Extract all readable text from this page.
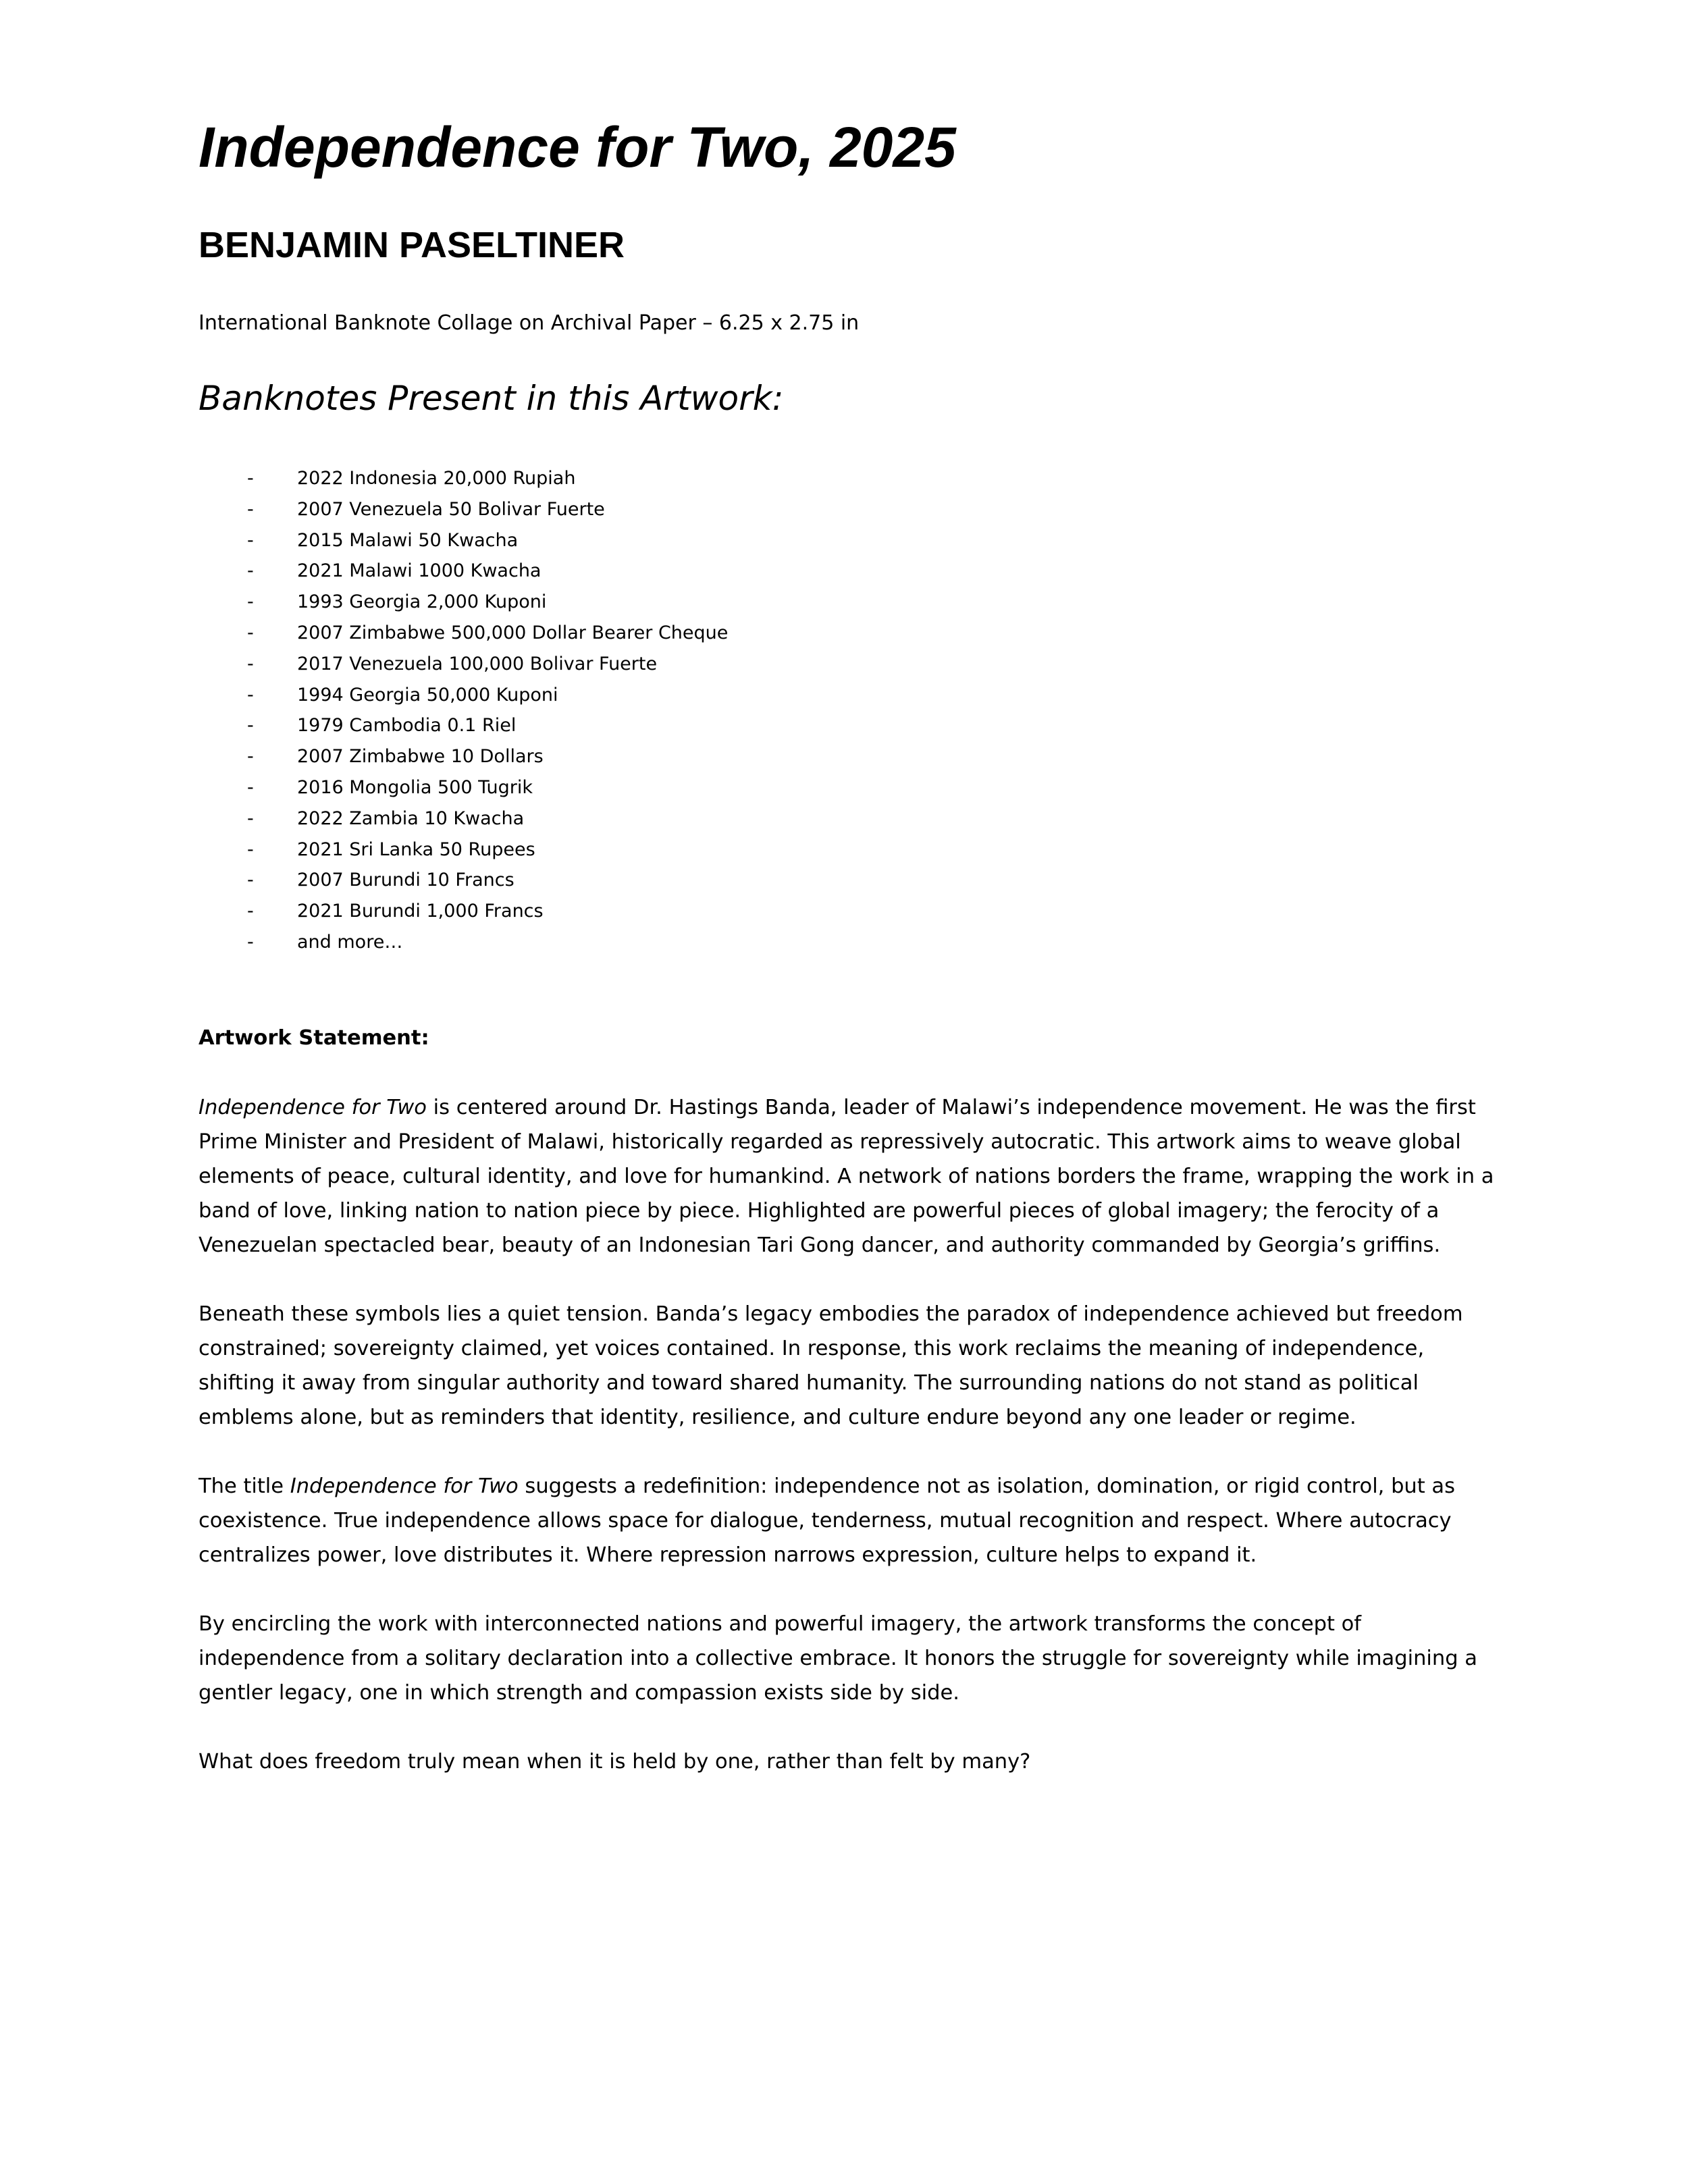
Independence for Two, 2025
BENJAMIN PASELTINER
International Banknote Collage on Archival Paper – 6.25 x 2.75 in
Banknotes Present in this Artwork:
- 2022 Indonesia 20,000 Rupiah
- 2007 Venezuela 50 Bolivar Fuerte
- 2015 Malawi 50 Kwacha
- 2021 Malawi 1000 Kwacha
- 1993 Georgia 2,000 Kuponi
- 2007 Zimbabwe 500,000 Dollar Bearer Cheque
- 2017 Venezuela 100,000 Bolivar Fuerte
- 1994 Georgia 50,000 Kuponi
- 1979 Cambodia 0.1 Riel
- 2007 Zimbabwe 10 Dollars
- 2016 Mongolia 500 Tugrik
- 2022 Zambia 10 Kwacha
- 2021 Sri Lanka 50 Rupees
- 2007 Burundi 10 Francs
- 2021 Burundi 1,000 Francs
- and more…
Artwork Statement:

Independence for Two is centered around Dr. Hastings Banda, leader of Malawi’s independence movement. He was the first Prime Minister and President of Malawi, historically regarded as repressively autocratic. This artwork aims to weave global elements of peace, cultural identity, and love for humankind. A network of nations borders the frame, wrapping the work in a band of love, linking nation to nation piece by piece. Highlighted are powerful pieces of global imagery; the ferocity of a Venezuelan spectacled bear, beauty of an Indonesian Tari Gong dancer, and authority commanded by Georgia’s griffins.

Beneath these symbols lies a quiet tension. Banda’s legacy embodies the paradox of independence achieved but freedom constrained; sovereignty claimed, yet voices contained. In response, this work reclaims the meaning of independence, shifting it away from singular authority and toward shared humanity. The surrounding nations do not stand as political emblems alone, but as reminders that identity, resilience, and culture endure beyond any one leader or regime.

The title Independence for Two suggests a redefinition: independence not as isolation, domination, or rigid control, but as coexistence. True independence allows space for dialogue, tenderness, mutual recognition and respect. Where autocracy centralizes power, love distributes it. Where repression narrows expression, culture helps to expand it.

By encircling the work with interconnected nations and powerful imagery, the artwork transforms the concept of independence from a solitary declaration into a collective embrace. It honors the struggle for sovereignty while imagining a gentler legacy, one in which strength and compassion exists side by side.

What does freedom truly mean when it is held by one, rather than felt by many?
